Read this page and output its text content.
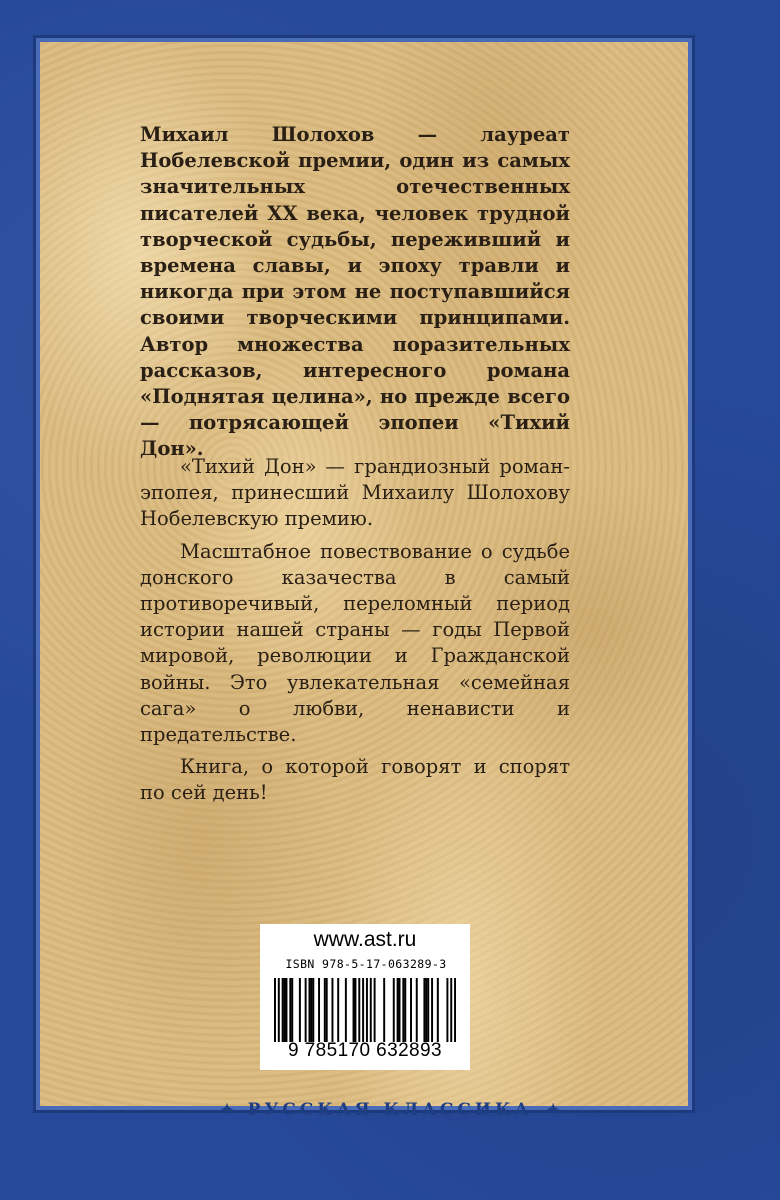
Михаил Шолохов — лауреат Нобелевской премии, один из самых значительных отечественных писателей XX века, человек трудной творческой судьбы, переживший и времена славы, и эпоху травли и никогда при этом не поступавшийся своими творческими принципами. Автор множества поразительных рассказов, интересного романа «Поднятая целина», но прежде всего — потрясающей эпопеи «Тихий Дон».

«Тихий Дон» — грандиозный роман-эпопея, принесший Михаилу Шолохову Нобелевскую премию.

Масштабное повествование о судьбе донского казачества в самый противоречивый, переломный период истории нашей страны — годы Первой мировой, революции и Гражданской войны. Это увлекательная «семейная сага» о любви, ненависти и предательстве.

Книга, о которой говорят и спорят по сей день!

www.ast.ru
ISBN 978-5-17-063289-3
9 785170 632893
✦ РУССКАЯ КЛАССИКА ✦
